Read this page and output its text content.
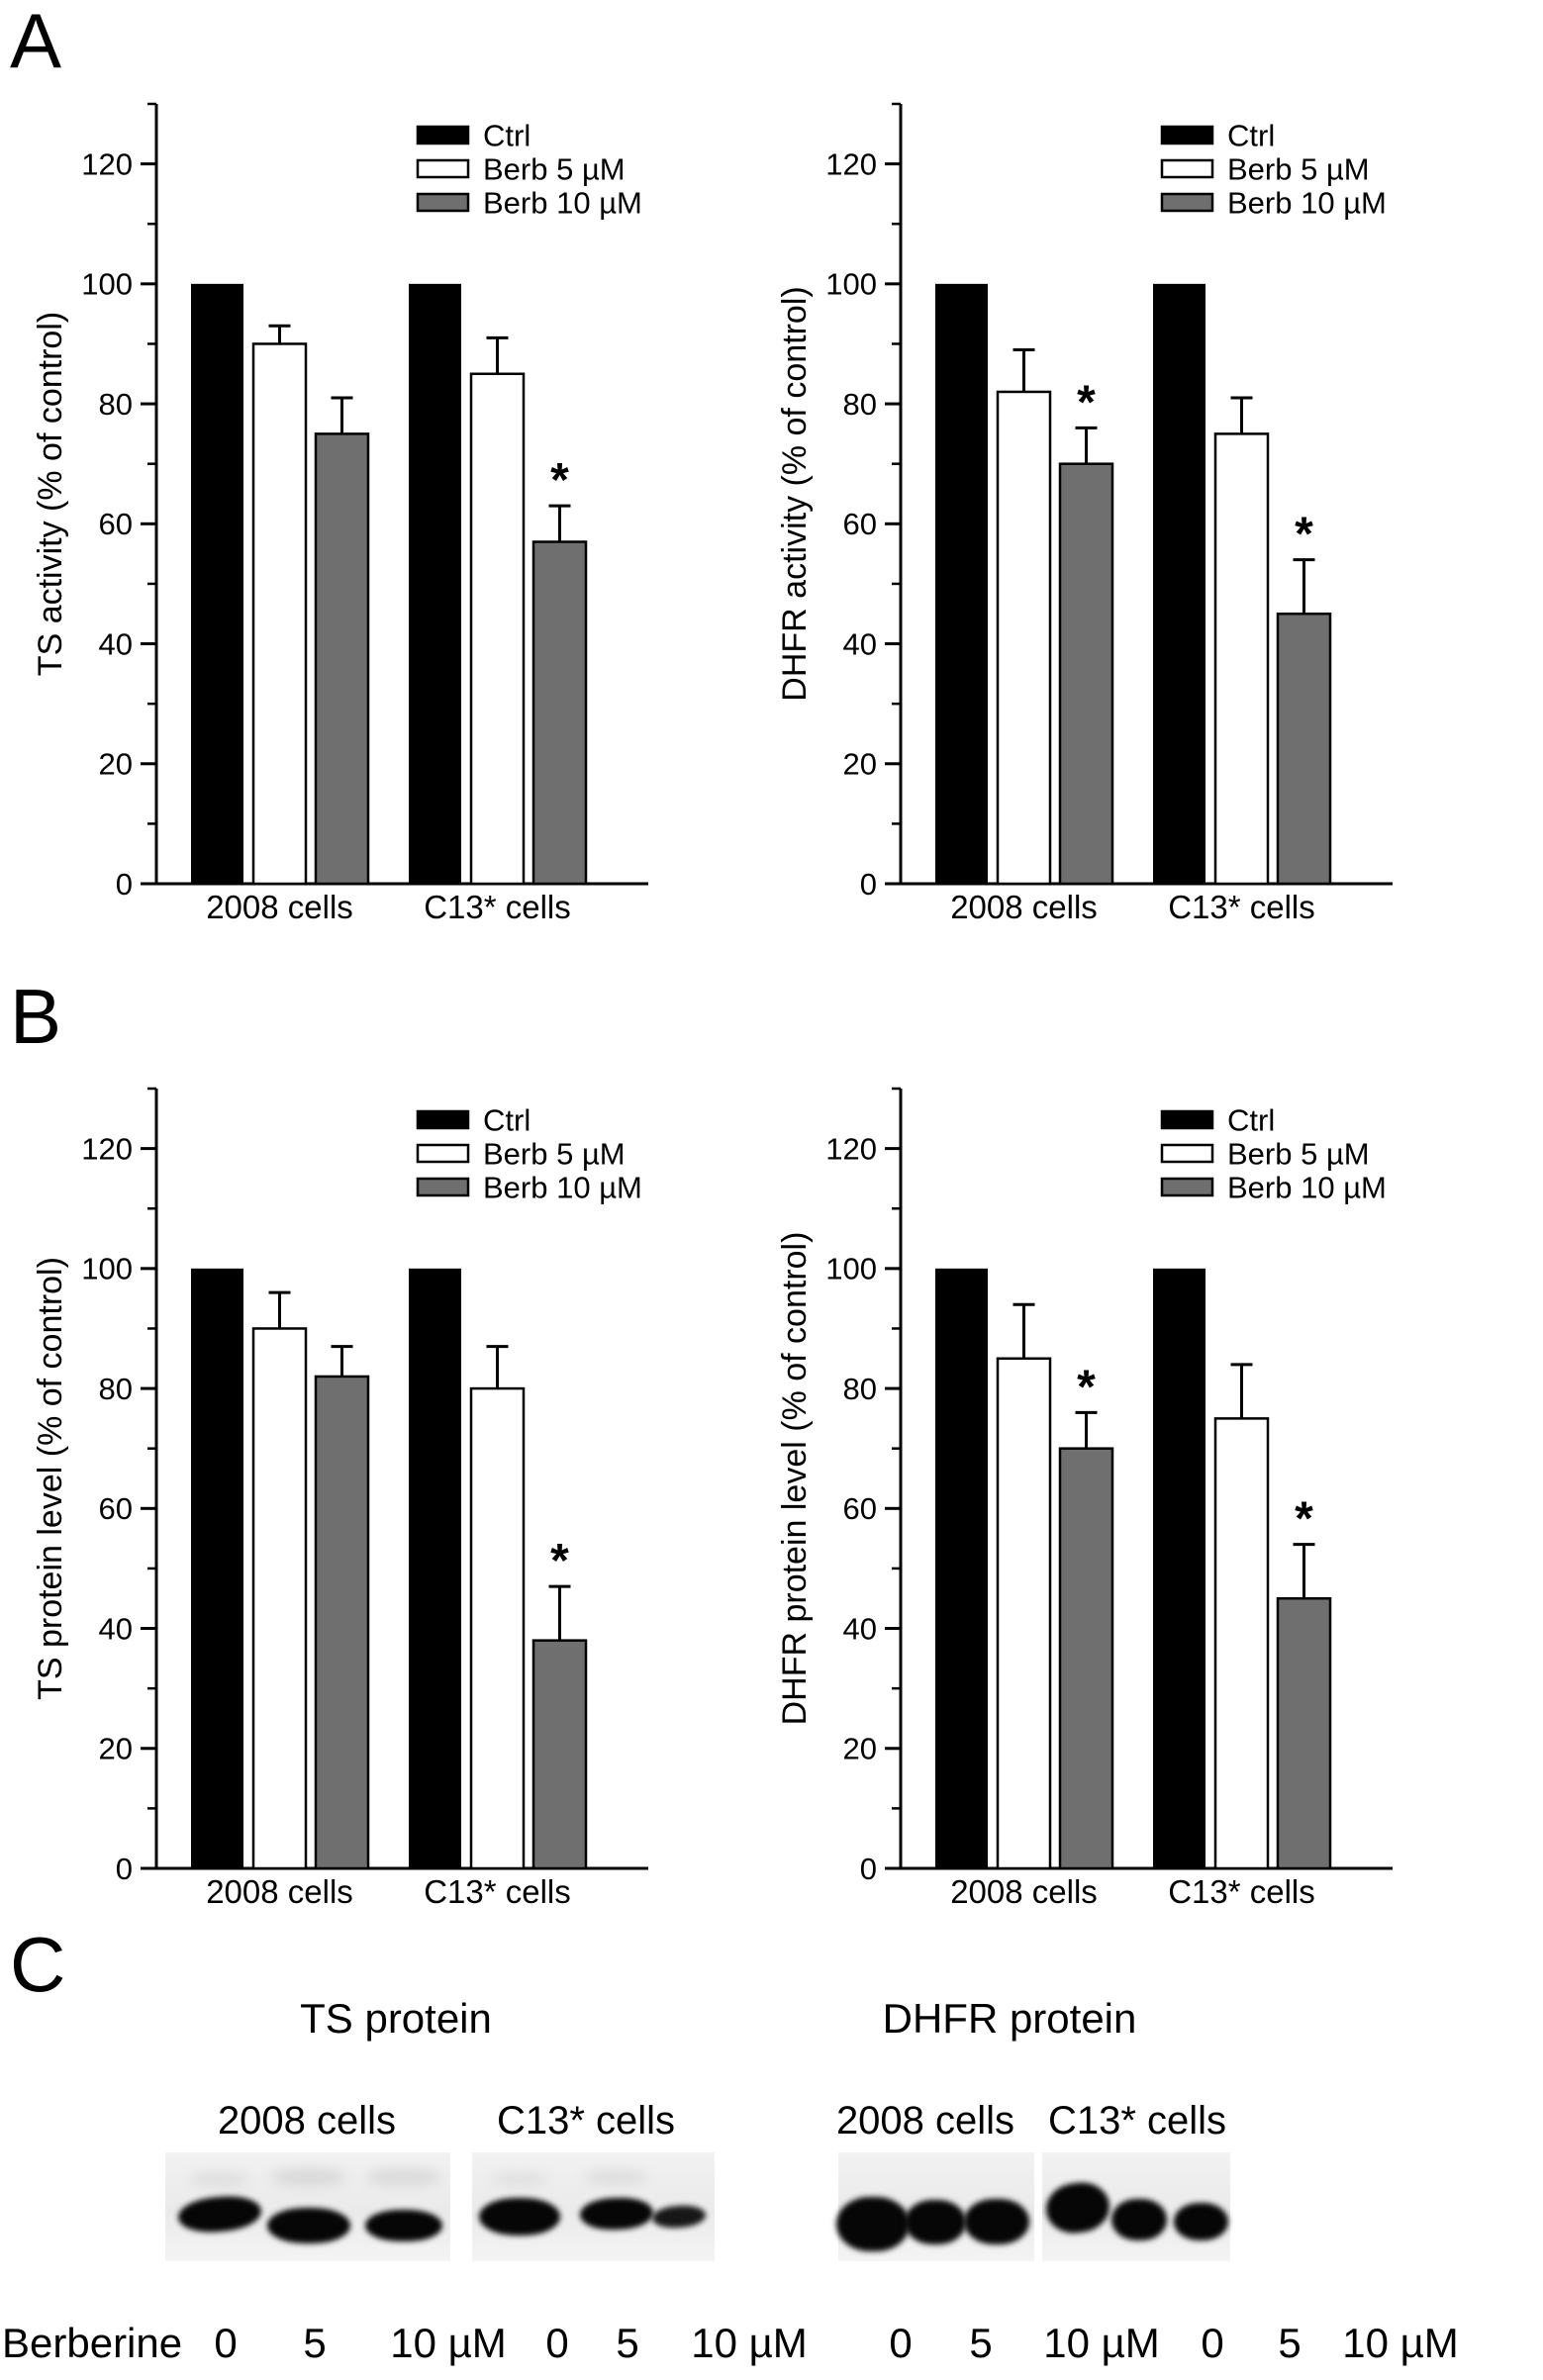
A
B
C
0
20
40
60
80
100
120
*
2008 cells C13* cells
TS activity (% of control)
Ctrl
Berb 5 µM
Berb 10 µM
0
20
40
60
80
100
120
*
*
2008 cells C13* cells
DHFR activity (% of control)
Ctrl
Berb 5 µM
Berb 10 µM
0
20
40
60
80
100
120
*
2008 cells C13* cells
TS protein level (% of control)
Ctrl
Berb 5 µM
Berb 10 µM
0
20
40
60
80
100
120
*
*
2008 cells C13* cells
DHFR protein level (% of control)
Ctrl
Berb 5 µM
Berb 10 µM
TS protein	DHFR protein
2008 cells
0 5 10 µM
C13* cells
0 5 10 µM
2008 cells
0 5 10 µM
C13* cells
0 5 10 µM
Berberine
